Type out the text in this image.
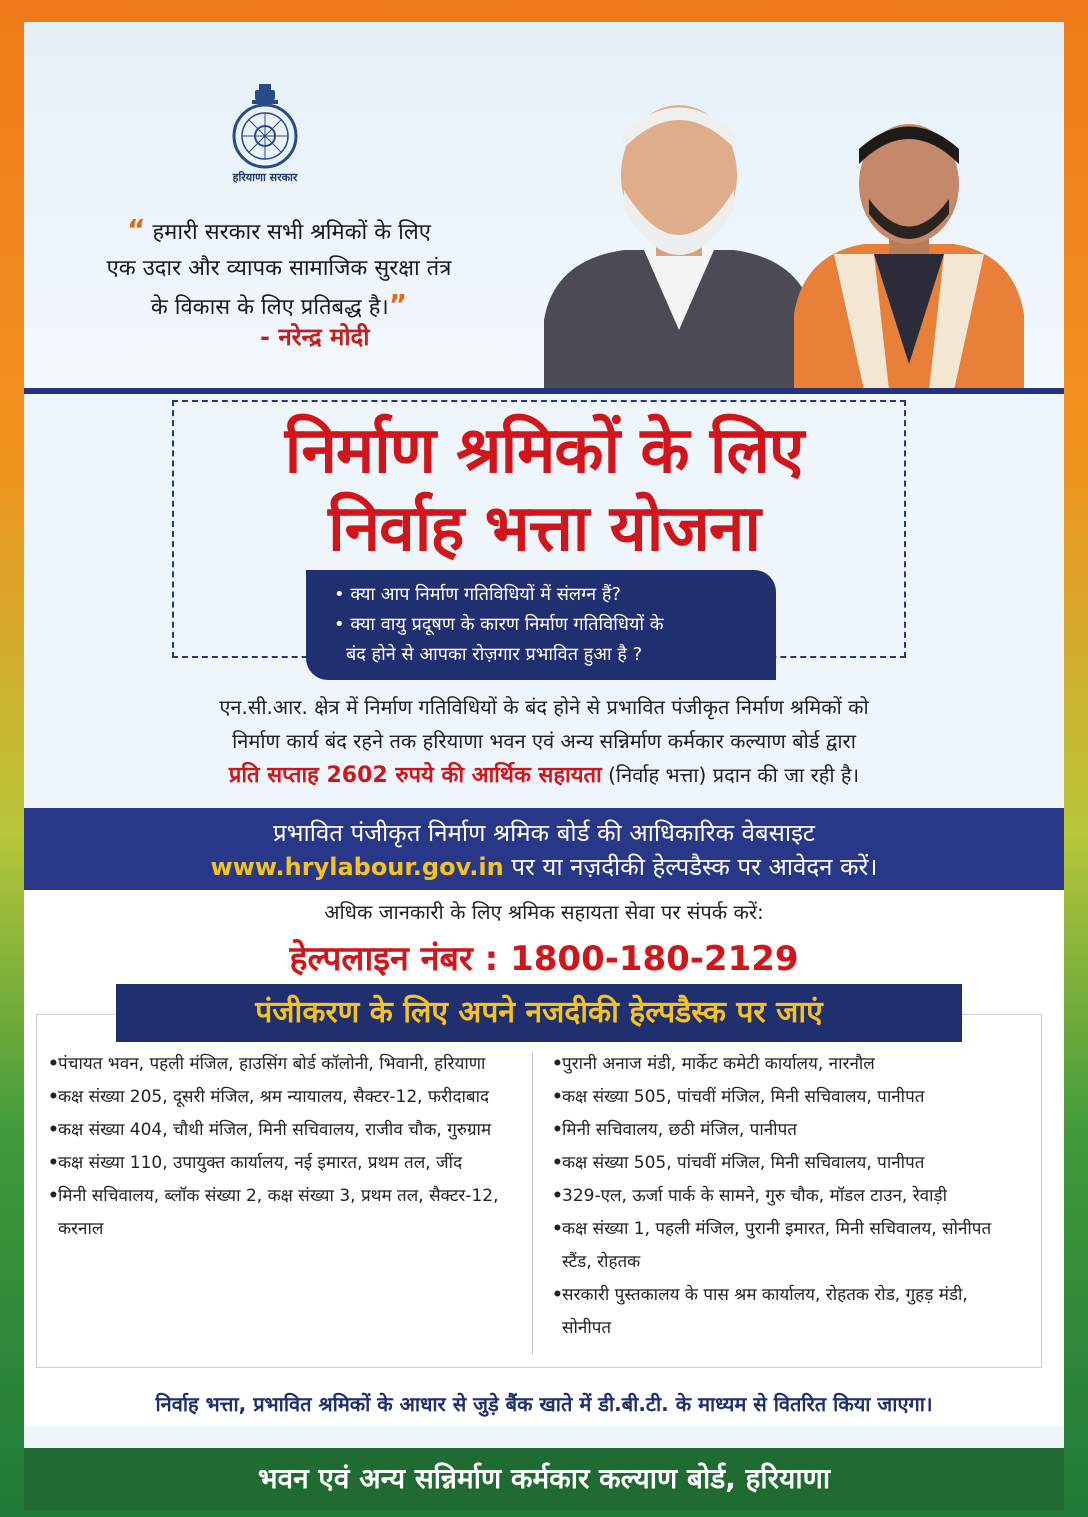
हरियाणा सरकार
“ हमारी सरकार सभी श्रमिकों के लिए
एक उदार और व्यापक सामाजिक सुरक्षा तंत्र
के विकास के लिए प्रतिबद्ध है।”
- नरेन्द्र मोदी
निर्माण श्रमिकों के लिए
निर्वाह भत्ता योजना
• क्या आप निर्माण गतिविधियों में संलग्न हैं?
• क्या वायु प्रदूषण के कारण निर्माण गतिविधियों के
बंद होने से आपका रोज़गार प्रभावित हुआ है ?
एन.सी.आर. क्षेत्र में निर्माण गतिविधियों के बंद होने से प्रभावित पंजीकृत निर्माण श्रमिकों को
निर्माण कार्य बंद रहने तक हरियाणा भवन एवं अन्य सन्निर्माण कर्मकार कल्याण बोर्ड द्वारा
प्रति सप्ताह 2602 रुपये की आर्थिक सहायता (निर्वाह भत्ता) प्रदान की जा रही है।
प्रभावित पंजीकृत निर्माण श्रमिक बोर्ड की आधिकारिक वेबसाइट
www.hrylabour.gov.in पर या नज़दीकी हेल्पडैस्क पर आवेदन करें।
अधिक जानकारी के लिए श्रमिक सहायता सेवा पर संपर्क करें:
हेल्पलाइन नंबर : 1800-180-2129
पंजीकरण के लिए अपने नजदीकी हेल्पडैस्क पर जाएं
• पंचायत भवन, पहली मंजिल, हाउसिंग बोर्ड कॉलोनी, भिवानी, हरियाणा
• कक्ष संख्या 205, दूसरी मंजिल, श्रम न्यायालय, सैक्टर-12, फरीदाबाद
• कक्ष संख्या 404, चौथी मंजिल, मिनी सचिवालय, राजीव चौक, गुरुग्राम
• कक्ष संख्या 110, उपायुक्त कार्यालय, नई इमारत, प्रथम तल, जींद
• मिनी सचिवालय, ब्लॉक संख्या 2, कक्ष संख्या 3, प्रथम तल, सैक्टर-12, करनाल
• पुरानी अनाज मंडी, मार्केट कमेटी कार्यालय, नारनौल
• कक्ष संख्या 505, पांचवीं मंजिल, मिनी सचिवालय, पानीपत
• मिनी सचिवालय, छठी मंजिल, पानीपत
• कक्ष संख्या 505, पांचवीं मंजिल, मिनी सचिवालय, पानीपत
• 329-एल, ऊर्जा पार्क के सामने, गुरु चौक, मॉडल टाउन, रेवाड़ी
• कक्ष संख्या 1, पहली मंजिल, पुरानी इमारत, मिनी सचिवालय, सोनीपत स्टैंड, रोहतक
• सरकारी पुस्तकालय के पास श्रम कार्यालय, रोहतक रोड, गुहड़ मंडी, सोनीपत
निर्वाह भत्ता, प्रभावित श्रमिकों के आधार से जुड़े बैंक खाते में डी.बी.टी. के माध्यम से वितरित किया जाएगा।
भवन एवं अन्य सन्निर्माण कर्मकार कल्याण बोर्ड, हरियाणा
